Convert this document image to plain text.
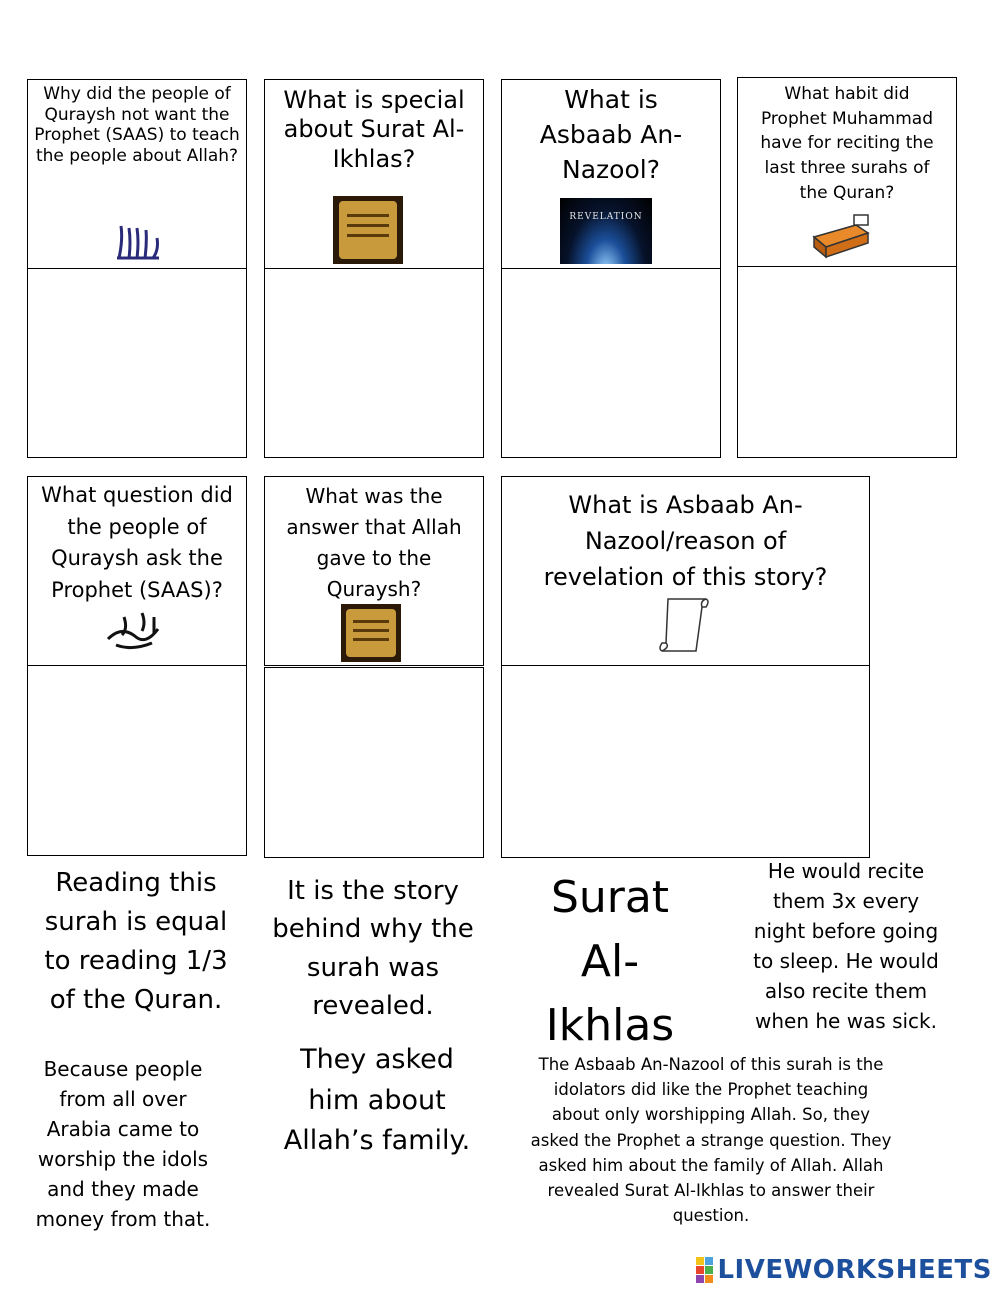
Why did the people of Quraysh not want the Prophet (SAAS) to teach the people about Allah?
What is special about Surat Al-Ikhlas?
What is Asbaab An-Nazool?
REVELATION
What habit did Prophet Muhammad have for reciting the last three surahs of the Quran?
What question did the people of Quraysh ask the Prophet (SAAS)?
What was the answer that Allah gave to the Quraysh?
What is Asbaab An-Nazool/reason of revelation of this story?
Reading this surah is equal to reading 1/3 of the Quran.
It is the story behind why the surah was revealed.
Surat Al-Ikhlas
He would recite them 3x every night before going to sleep. He would also recite them when he was sick.
Because people from all over Arabia came to worship the idols and they made money from that.
They asked him about Allah’s family.
The Asbaab An-Nazool of this surah is the idolators did like the Prophet teaching about only worshipping Allah. So, they asked the Prophet a strange question. They asked him about the family of Allah. Allah revealed Surat Al-Ikhlas to answer their question.
LIVEWORKSHEETS
